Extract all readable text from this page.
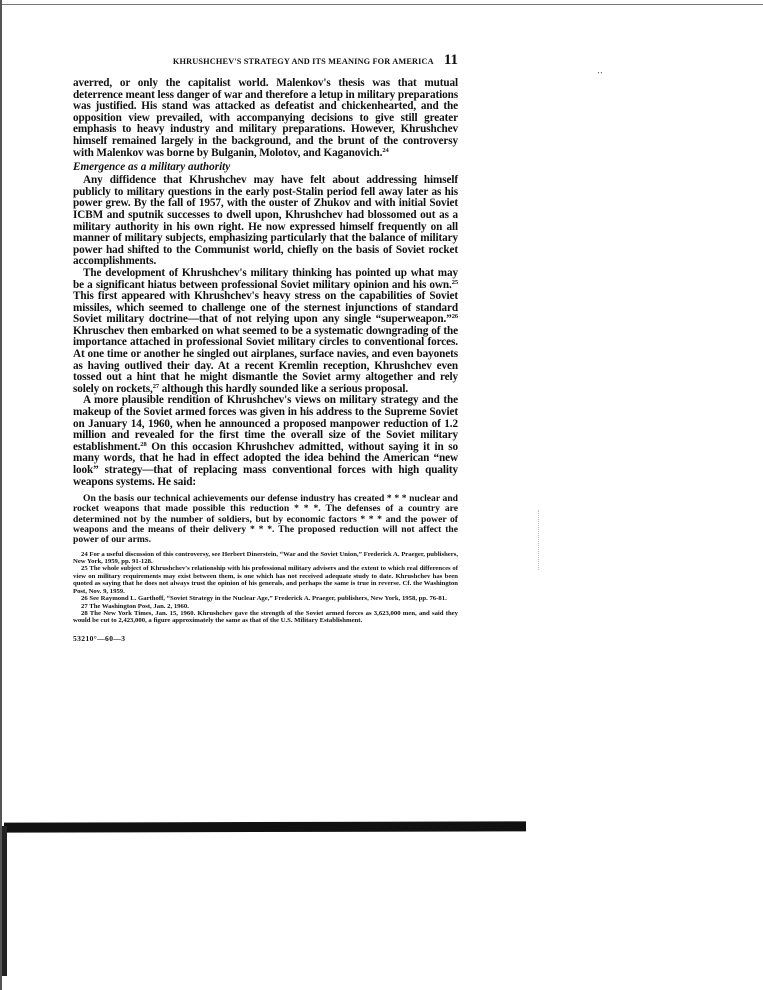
‧‧
KHRUSHCHEV'S STRATEGY AND ITS MEANING FOR AMERICA 11

averred, or only the capitalist world. Malenkov's thesis was that mutual deterrence meant less danger of war and therefore a letup in military preparations was justified. His stand was attacked as defeatist and chickenhearted, and the opposition view prevailed, with accompanying decisions to give still greater emphasis to heavy industry and military preparations. However, Khrushchev himself remained largely in the background, and the brunt of the controversy with Malenkov was borne by Bulganin, Molotov, and Kaganovich.$^{24}$

Emergence as a military authority

Any diffidence that Khrushchev may have felt about addressing himself publicly to military questions in the early post-Stalin period fell away later as his power grew. By the fall of 1957, with the ouster of Zhukov and with initial Soviet ICBM and sputnik successes to dwell upon, Khrushchev had blossomed out as a military authority in his own right. He now expressed himself frequently on all manner of military subjects, emphasizing particularly that the balance of military power had shifted to the Communist world, chiefly on the basis of Soviet rocket accomplishments.

The development of Khrushchev's military thinking has pointed up what may be a significant hiatus between professional Soviet military opinion and his own.$^{25}$ This first appeared with Khrushchev's heavy stress on the capabilities of Soviet missiles, which seemed to challenge one of the sternest injunctions of standard Soviet military doctrine—that of not relying upon any single “superweapon.”$^{26}$ Khruschev then embarked on what seemed to be a systematic downgrading of the importance attached in professional Soviet military circles to conventional forces. At one time or another he singled out airplanes, surface navies, and even bayonets as having outlived their day. At a recent Kremlin reception, Khrushchev even tossed out a hint that he might dismantle the Soviet army altogether and rely solely on rockets,$^{27}$ although this hardly sounded like a serious proposal.

A more plausible rendition of Khrushchev's views on military strategy and the makeup of the Soviet armed forces was given in his address to the Supreme Soviet on January 14, 1960, when he announced a proposed manpower reduction of 1.2 million and revealed for the first time the overall size of the Soviet military establishment.$^{28}$ On this occasion Khrushchev admitted, without saying it in so many words, that he had in effect adopted the idea behind the American “new look” strategy—that of replacing mass conventional forces with high quality weapons systems. He said:

On the basis our technical achievements our defense industry has created * * * nuclear and rocket weapons that made possible this reduction * * *. The defenses of a country are determined not by the number of soldiers, but by economic factors * * * and the power of weapons and the means of their delivery * * *. The proposed reduction will not affect the power of our arms.

24 For a useful discussion of this controversy, see Herbert Dinerstein, “War and the Soviet Union,” Frederick A. Praeger, publishers, New York, 1959, pp. 91-128.

25 The whole subject of Khrushchev's relationship with his professional military advisers and the extent to which real differences of view on military requirements may exist between them, is one which has not received adequate study to date. Khrushchev has been quoted as saying that he does not always trust the opinion of his generals, and perhaps the same is true in reverse. Cf. the Washington Post, Nov. 9, 1959.

26 See Raymond L. Garthoff, “Soviet Strategy in the Nuclear Age,” Frederick A. Praeger, publishers, New York, 1958, pp. 76-81.

27 The Washington Post, Jan. 2, 1960.

28 The New York Times, Jan. 15, 1960. Khrushchev gave the strength of the Soviet armed forces as 3,623,000 men, and said they would be cut to 2,423,000, a figure approximately the same as that of the U.S. Military Establishment.

53210°—60—3
